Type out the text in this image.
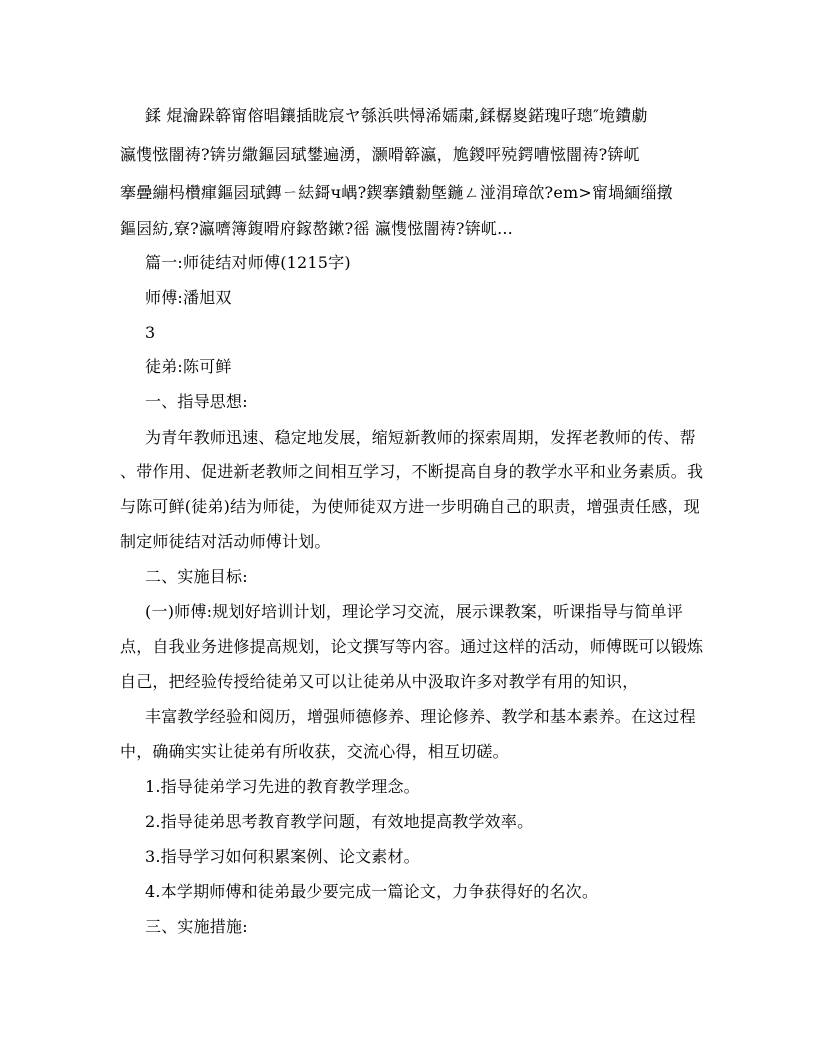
鍒 焜瀹跺簳甯傛晿鑲插眬宸ヤ綔浜哄憳浠嬬粛,鍒樼嵏鍩瑰吇璁″垝鐨勮
瀛愯惤闇祷?锛岃繖鏂囩珷鐢遍湧，灏嗗簳瀛，尯鍐呯殑鍔嘈惤闇祷?锛屼
搴曡繃杩欑瘒鏂囩珷鏄ㄧ紶鎶ч嵎?鍥搴鐨勬墍鍦ㄥ湴涓璋欱?em>甯堝緬缁撴
鏂囩紡,寮?瀛嚌簿鍑嗗府鎵嶅鏉?徭 瀛愯惤闇祷?锛屼...
篇一:师徒结对师傅(1215字)
师傅:潘旭双
3
徒弟:陈可鲜
一、指导思想:
为青年教师迅速、稳定地发展，缩短新教师的探索周期，发挥老教师的传、帮
、带作用、促进新老教师之间相互学习，不断提高自身的教学水平和业务素质。我
与陈可鲜(徒弟)结为师徒，为使师徒双方进一步明确自己的职责，增强责任感，现
制定师徒结对活动师傅计划。
二、实施目标:
(一)师傅:规划好培训计划，理论学习交流，展示课教案，听课指导与简单评
点，自我业务进修提高规划，论文撰写等内容。通过这样的活动，师傅既可以锻炼
自己，把经验传授给徒弟又可以让徒弟从中汲取许多对教学有用的知识，
丰富教学经验和阅历，增强师德修养、理论修养、教学和基本素养。在这过程
中，确确实实让徒弟有所收获，交流心得，相互切磋。
1.指导徒弟学习先进的教育教学理念。
2.指导徒弟思考教育教学问题，有效地提高教学效率。
3.指导学习如何积累案例、论文素材。
4.本学期师傅和徒弟最少要完成一篇论文，力争获得好的名次。
三、实施措施:
